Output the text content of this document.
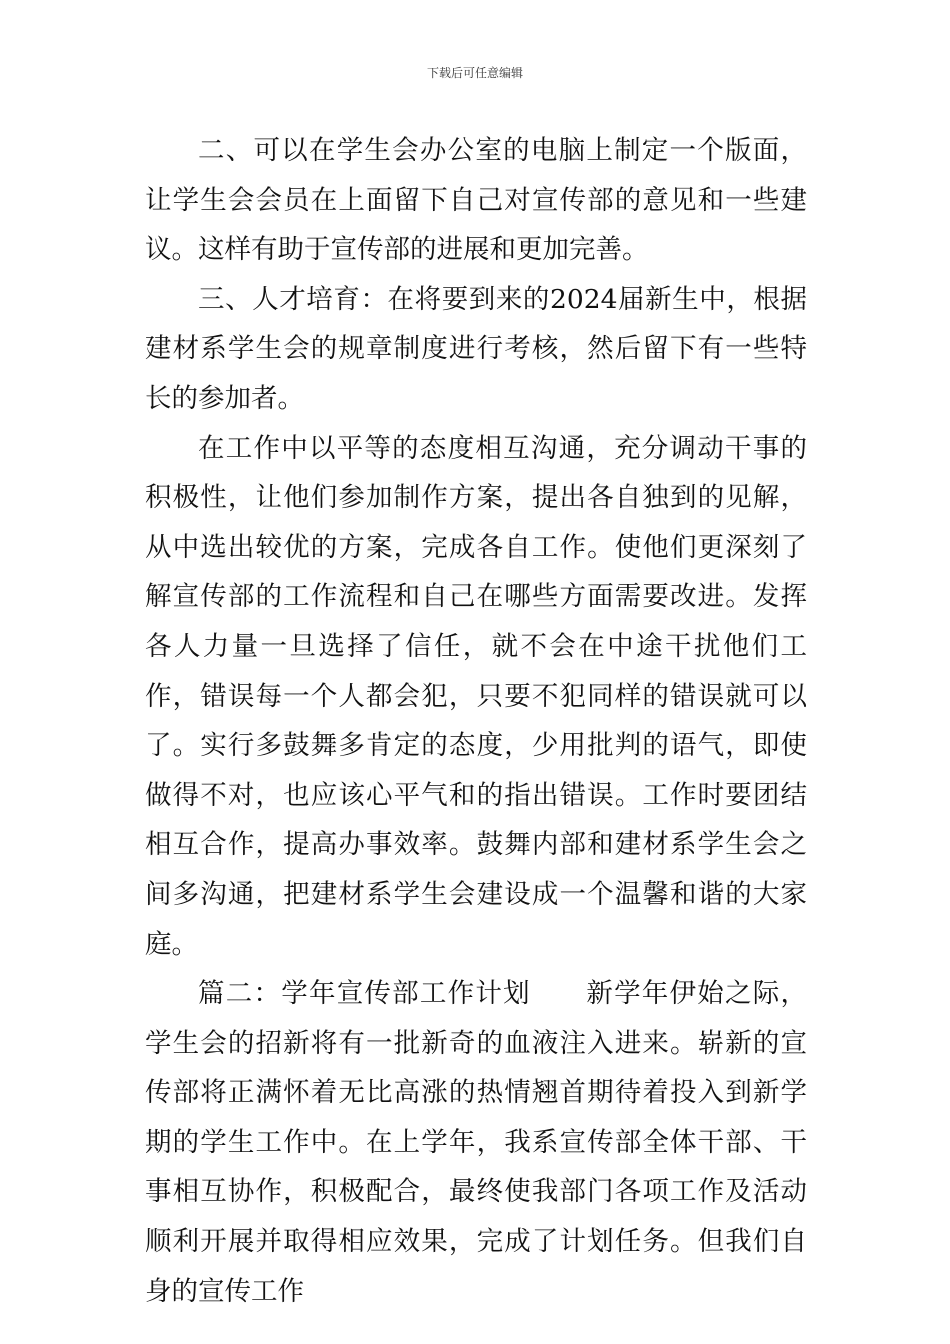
下载后可任意编辑

二、可以在学生会办公室的电脑上制定一个版面，让学生会会员在上面留下自己对宣传部的意见和一些建议。这样有助于宣传部的进展和更加完善。

三、人才培育：在将要到来的2024届新生中，根据建材系学生会的规章制度进行考核，然后留下有一些特长的参加者。

在工作中以平等的态度相互沟通，充分调动干事的积极性，让他们参加制作方案，提出各自独到的见解，从中选出较优的方案，完成各自工作。使他们更深刻了解宣传部的工作流程和自己在哪些方面需要改进。发挥各人力量一旦选择了信任，就不会在中途干扰他们工作，错误每一个人都会犯，只要不犯同样的错误就可以了。实行多鼓舞多肯定的态度，少用批判的语气，即使做得不对，也应该心平气和的指出错误。工作时要团结相互合作，提高办事效率。鼓舞内部和建材系学生会之间多沟通，把建材系学生会建设成一个温馨和谐的大家庭。

篇二：学年宣传部工作计划　　新学年伊始之际，学生会的招新将有一批新奇的血液注入进来。崭新的宣传部将正满怀着无比高涨的热情翘首期待着投入到新学期的学生工作中。在上学年，我系宣传部全体干部、干事相互协作，积极配合，最终使我部门各项工作及活动顺利开展并取得相应效果，完成了计划任务。但我们自身的宣传工作
